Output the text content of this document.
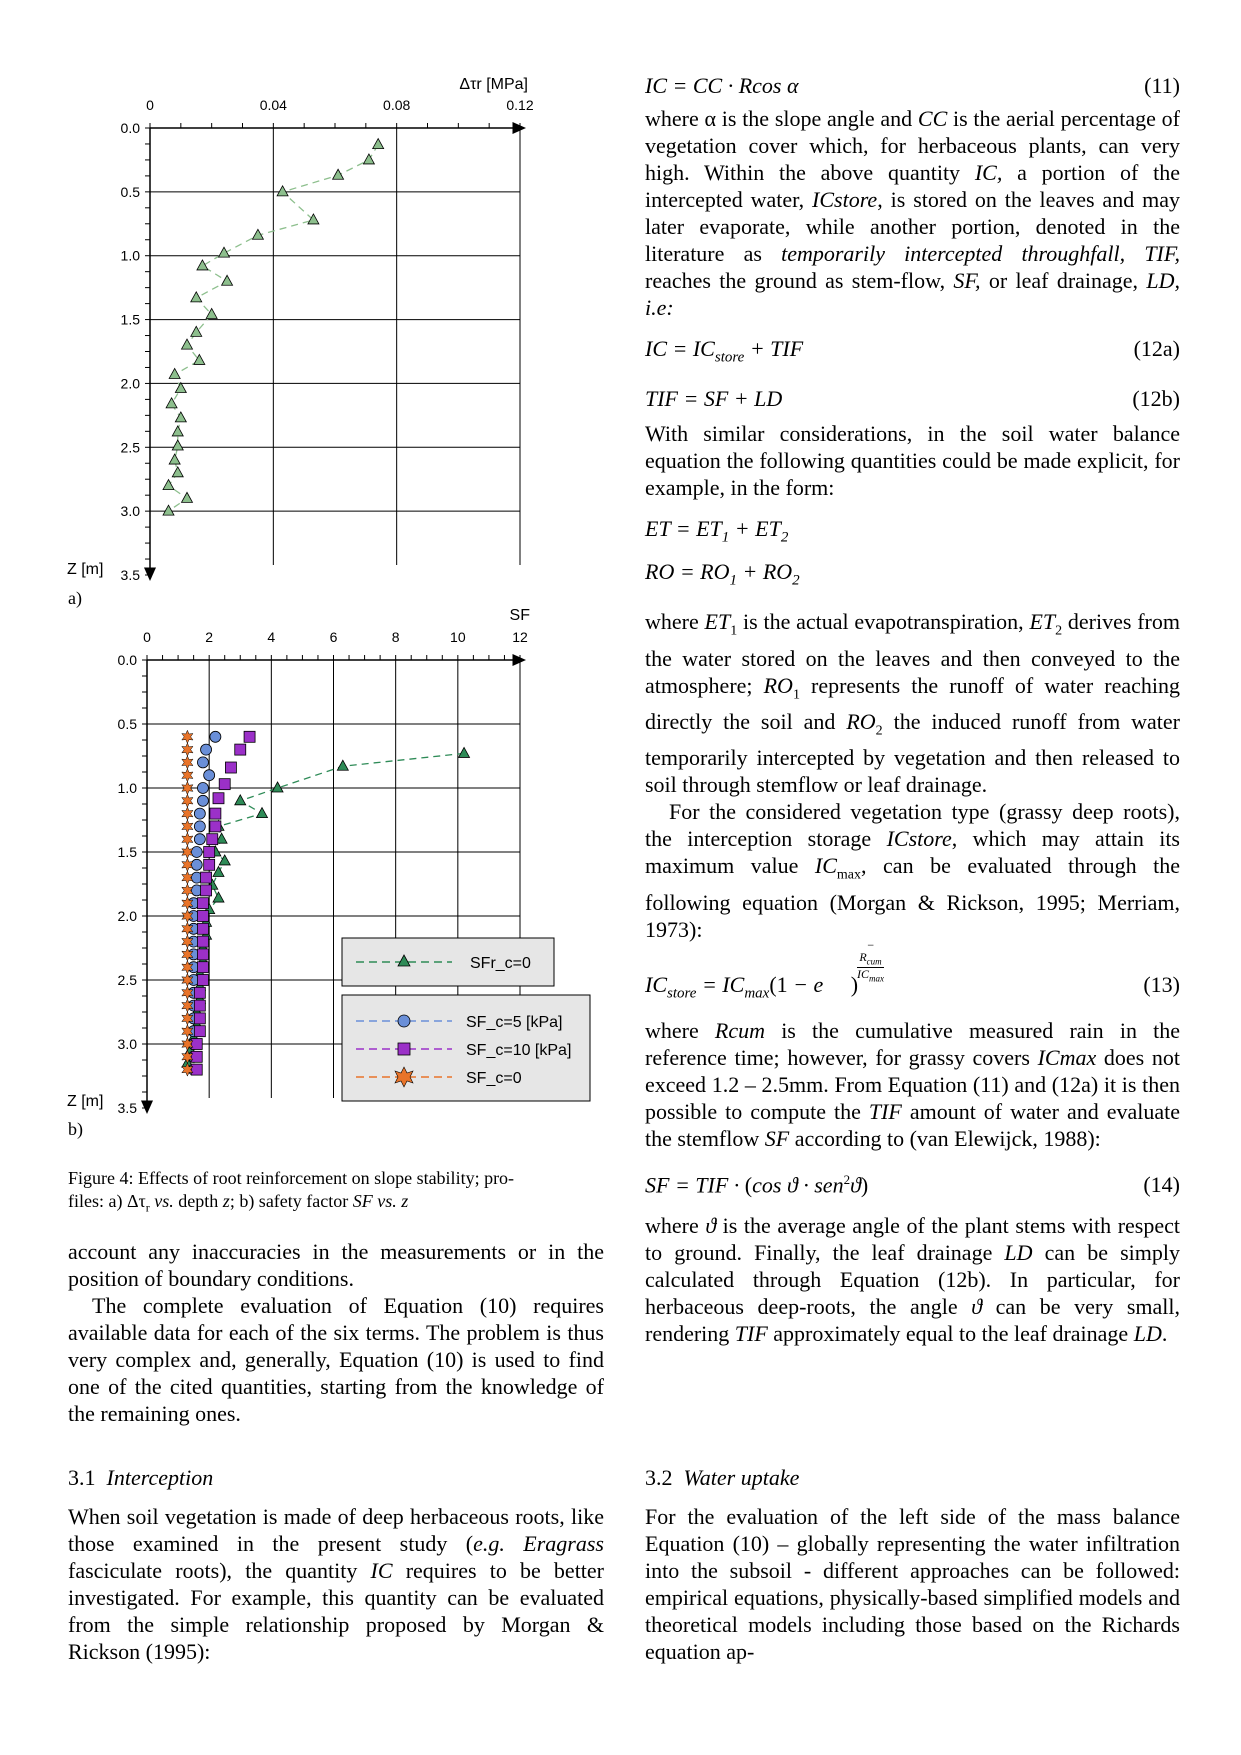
0	0.04	0.08	0.12
0.0
0.5
1.0
1.5
2.0
2.5
3.0
3.5
Δτr [MPa]
Z [m]
a)
0	2	4	6	8	10	12
0.0
0.5
1.0
1.5
2.0
2.5
3.0
3.5
SF
Z [m]
b)
SFr_c=0
SF_c=5 [kPa]
SF_c=10 [kPa]
SF_c=0

Figure 4: Effects of root reinforcement on slope stability; pro-

files: a) $\Delta\tau_r$ vs. depth z; b) safety factor SF vs. z

account any inaccuracies in the measurements or in the position of boundary conditions.

The complete evaluation of Equation (10) requires available data for each of the six terms. The problem is thus very complex and, generally, Equation (10) is used to find one of the cited quantities, starting from the knowledge of the remaining ones.

3.1 Interception

When soil vegetation is made of deep herbaceous roots, like those examined in the present study (e.g. Eragrass fasciculate roots), the quantity IC requires to be better investigated. For example, this quantity can be evaluated from the simple relationship proposed by Morgan & Rickson (1995):

IC = CC · Rcos α	(11)

where α is the slope angle and CC is the aerial percentage of vegetation cover which, for herbaceous plants, can very high. Within the above quantity IC, a portion of the intercepted water, ICstore, is stored on the leaves and may later evaporate, while another portion, denoted in the literature as temporarily intercepted throughfall, TIF, reaches the ground as stem-flow, SF, or leaf drainage, LD, i.e:

IC = $IC_{store}$ + TIF	(12a)
TIF = SF + LD	(12b)

With similar considerations, in the soil water balance equation the following quantities could be made explicit, for example, in the form:

ET = $ET_1 + ET_2$
RO = $RO_1 + RO_2$

where $ET_1$ is the actual evapotranspiration, $ET_2$ derives from the water stored on the leaves and then conveyed to the atmosphere; $RO_1$ represents the runoff of water reaching directly the soil and $RO_2$ the induced runoff from water temporarily intercepted by vegetation and then released to soil through stemflow or leaf drainage.

For the considered vegetation type (grassy deep roots), the interception storage ICstore, which may attain its maximum value $IC_{max}$, can be evaluated through the following equation (Morgan & Rickson, 1995; Merriam, 1973):

$IC_{store} = IC_{max}(1 - e$
−
$R_{cum}$
$IC_{max}$
)	(13)

where Rcum is the cumulative measured rain in the reference time; however, for grassy covers ICmax does not exceed 1.2 – 2.5mm. From Equation (11) and (12a) it is then possible to compute the TIF amount of water and evaluate the stemflow SF according to (van Elewijck, 1988):

SF = TIF · (cos ϑ · sen$^2$ϑ)	(14)

where ϑ is the average angle of the plant stems with respect to ground. Finally, the leaf drainage LD can be simply calculated through Equation (12b). In particular, for herbaceous deep-roots, the angle ϑ can be very small, rendering TIF approximately equal to the leaf drainage LD.

3.2 Water uptake

For the evaluation of the left side of the mass balance Equation (10) – globally representing the water infiltration into the subsoil - different approaches can be followed: empirical equations, physically-based simplified models and theoretical models including those based on the Richards equation ap-
